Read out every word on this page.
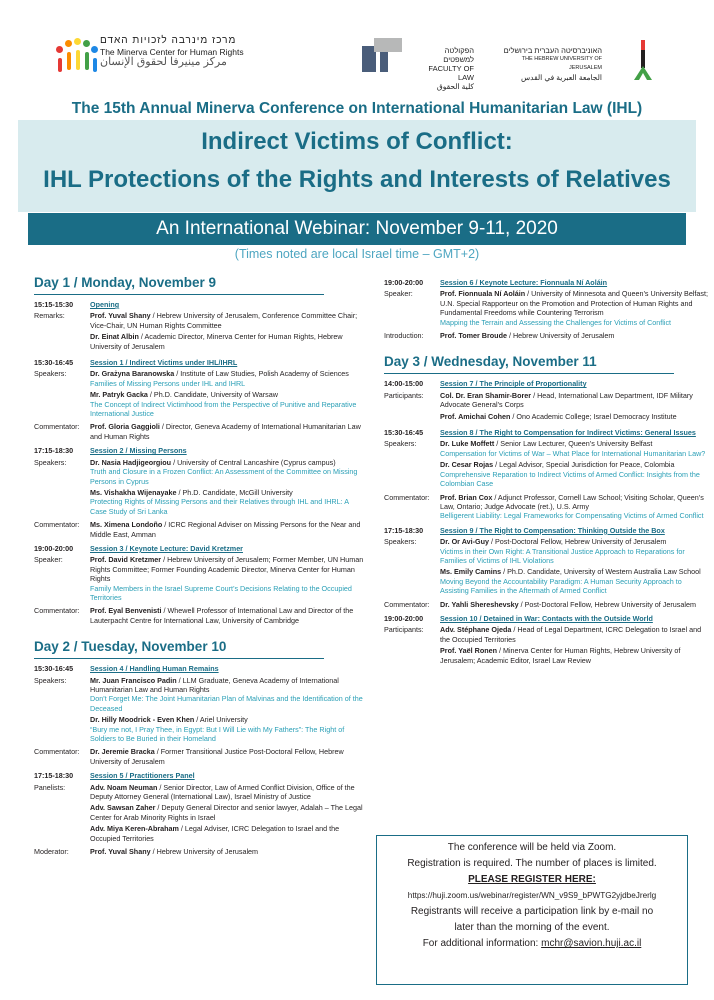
מרכז מינרבה לזכויות האדם
The Minerva Center for Human Rights
مركز مينيرفا لحقوق الإنسان
הפקולטה למשפטים
FACULTY OF LAW
كلية الحقوق
האוניברסיטה העברית בירושלים
THE HEBREW UNIVERSITY OF JERUSALEM
الجامعة العبرية في القدس
The 15th Annual Minerva Conference on International Humanitarian Law (IHL)
Indirect Victims of Conflict:
IHL Protections of the Rights and Interests of Relatives
An International Webinar: November 9-11, 2020
(Times noted are local Israel time – GMT+2)
Day 1 / Monday, November 9
15:15-15:30	Opening
Remarks:	Prof. Yuval Shany / Hebrew University of Jerusalem, Conference Committee Chair; Vice-Chair, UN Human Rights Committee
Dr. Einat Albin / Academic Director, Minerva Center for Human Rights, Hebrew University of Jerusalem
15:30-16:45	Session 1 / Indirect Victims under IHL/IHRL
Speakers:	Dr. Grażyna Baranowska / Institute of Law Studies, Polish Academy of Sciences
Families of Missing Persons under IHL and IHRL
Mr. Patryk Gacka / Ph.D. Candidate, University of Warsaw
The Concept of Indirect Victimhood from the Perspective of Punitive and Reparative International Justice
Commentator:	Prof. Gloria Gaggioli / Director, Geneva Academy of International Humanitarian Law and Human Rights
17:15-18:30	Session 2 / Missing Persons
Speakers:	Dr. Nasia Hadjigeorgiou / University of Central Lancashire (Cyprus campus)
Truth and Closure in a Frozen Conflict: An Assessment of the Committee on Missing Persons in Cyprus
Ms. Vishakha Wijenayake / Ph.D. Candidate, McGill University
Protecting Rights of Missing Persons and their Relatives through IHL and IHRL: A Case Study of Sri Lanka
Commentator:	Ms. Ximena Londoño / ICRC Regional Adviser on Missing Persons for the Near and Middle East, Amman
19:00-20:00	Session 3 / Keynote Lecture: David Kretzmer
Speaker:	Prof. David Kretzmer / Hebrew University of Jerusalem; Former Member, UN Human Rights Committee; Former Founding Academic Director, Minerva Center for Human Rights
Family Members in the Israel Supreme Court’s Decisions Relating to the Occupied Territories
Commentator:	Prof. Eyal Benvenisti / Whewell Professor of International Law and Director of the Lauterpacht Centre for International Law, University of Cambridge
Day 2 / Tuesday, November 10
15:30-16:45	Session 4 / Handling Human Remains
Speakers:	Mr. Juan Francisco Padin / LLM Graduate, Geneva Academy of International Humanitarian Law and Human Rights
Don’t Forget Me: The Joint Humanitarian Plan of Malvinas and the Identification of the Deceased
Dr. Hilly Moodrick - Even Khen / Ariel University
“Bury me not, I Pray Thee, in Egypt: But I Will Lie with My Fathers”: The Right of Soldiers to Be Buried in their Homeland
Commentator:	Dr. Jeremie Bracka / Former Transitional Justice Post-Doctoral Fellow, Hebrew University of Jerusalem
17:15-18:30	Session 5 / Practitioners Panel
Panelists:	Adv. Noam Neuman / Senior Director, Law of Armed Conflict Division, Office of the Deputy Attorney General (International Law), Israel Ministry of Justice
Adv. Sawsan Zaher / Deputy General Director and senior lawyer, Adalah – The Legal Center for Arab Minority Rights in Israel
Adv. Miya Keren-Abraham / Legal Adviser, ICRC Delegation to Israel and the Occupied Territories
Moderator:	Prof. Yuval Shany / Hebrew University of Jerusalem
19:00-20:00	Session 6 / Keynote Lecture: Fionnuala Ní Aoláin
Speaker:	Prof. Fionnuala Ní Aoláin / University of Minnesota and Queen’s University Belfast; U.N. Special Rapporteur on the Promotion and Protection of Human Rights and Fundamental Freedoms while Countering Terrorism
Mapping the Terrain and Assessing the Challenges for Victims of Conflict
Introduction:	Prof. Tomer Broude / Hebrew University of Jerusalem
Day 3 / Wednesday, November 11
14:00-15:00	Session 7 / The Principle of Proportionality
Participants:	Col. Dr. Eran Shamir-Borer / Head, International Law Department, IDF Military Advocate General’s Corps
Prof. Amichai Cohen / Ono Academic College; Israel Democracy Institute
15:30-16:45	Session 8 / The Right to Compensation for Indirect Victims: General Issues
Speakers:	Dr. Luke Moffett / Senior Law Lecturer, Queen’s University Belfast
Compensation for Victims of War – What Place for International Humanitarian Law?
Dr. Cesar Rojas / Legal Advisor, Special Jurisdiction for Peace, Colombia
Comprehensive Reparation to Indirect Victims of Armed Conflict: Insights from the Colombian Case
Commentator:	Prof. Brian Cox / Adjunct Professor, Cornell Law School; Visiting Scholar, Queen’s Law, Ontario; Judge Advocate (ret.), U.S. Army
Belligerent Liability: Legal Frameworks for Compensating Victims of Armed Conflict
17:15-18:30	Session 9 / The Right to Compensation: Thinking Outside the Box
Speakers:	Dr. Or Avi-Guy / Post-Doctoral Fellow, Hebrew University of Jerusalem
Victims in their Own Right: A Transitional Justice Approach to Reparations for Families of Victims of IHL Violations
Ms. Emily Camins / Ph.D. Candidate, University of Western Australia Law School
Moving Beyond the Accountability Paradigm: A Human Security Approach to Assisting Families in the Aftermath of Armed Conflict
Commentator:	Dr. Yahli Shereshevsky / Post-Doctoral Fellow, Hebrew University of Jerusalem
19:00-20:00	Session 10 / Detained in War: Contacts with the Outside World
Participants:	Adv. Stéphane Ojeda / Head of Legal Department, ICRC Delegation to Israel and the Occupied Territories
Prof. Yaël Ronen / Minerva Center for Human Rights, Hebrew University of Jerusalem; Academic Editor, Israel Law Review
The conference will be held via Zoom.
Registration is required. The number of places is limited.
PLEASE REGISTER HERE:
https://huji.zoom.us/webinar/register/WN_v9S9_bPWTG2yjdbeJrerlg
Registrants will receive a participation link by e-mail no
later than the morning of the event.
For additional information: mchr@savion.huji.ac.il
